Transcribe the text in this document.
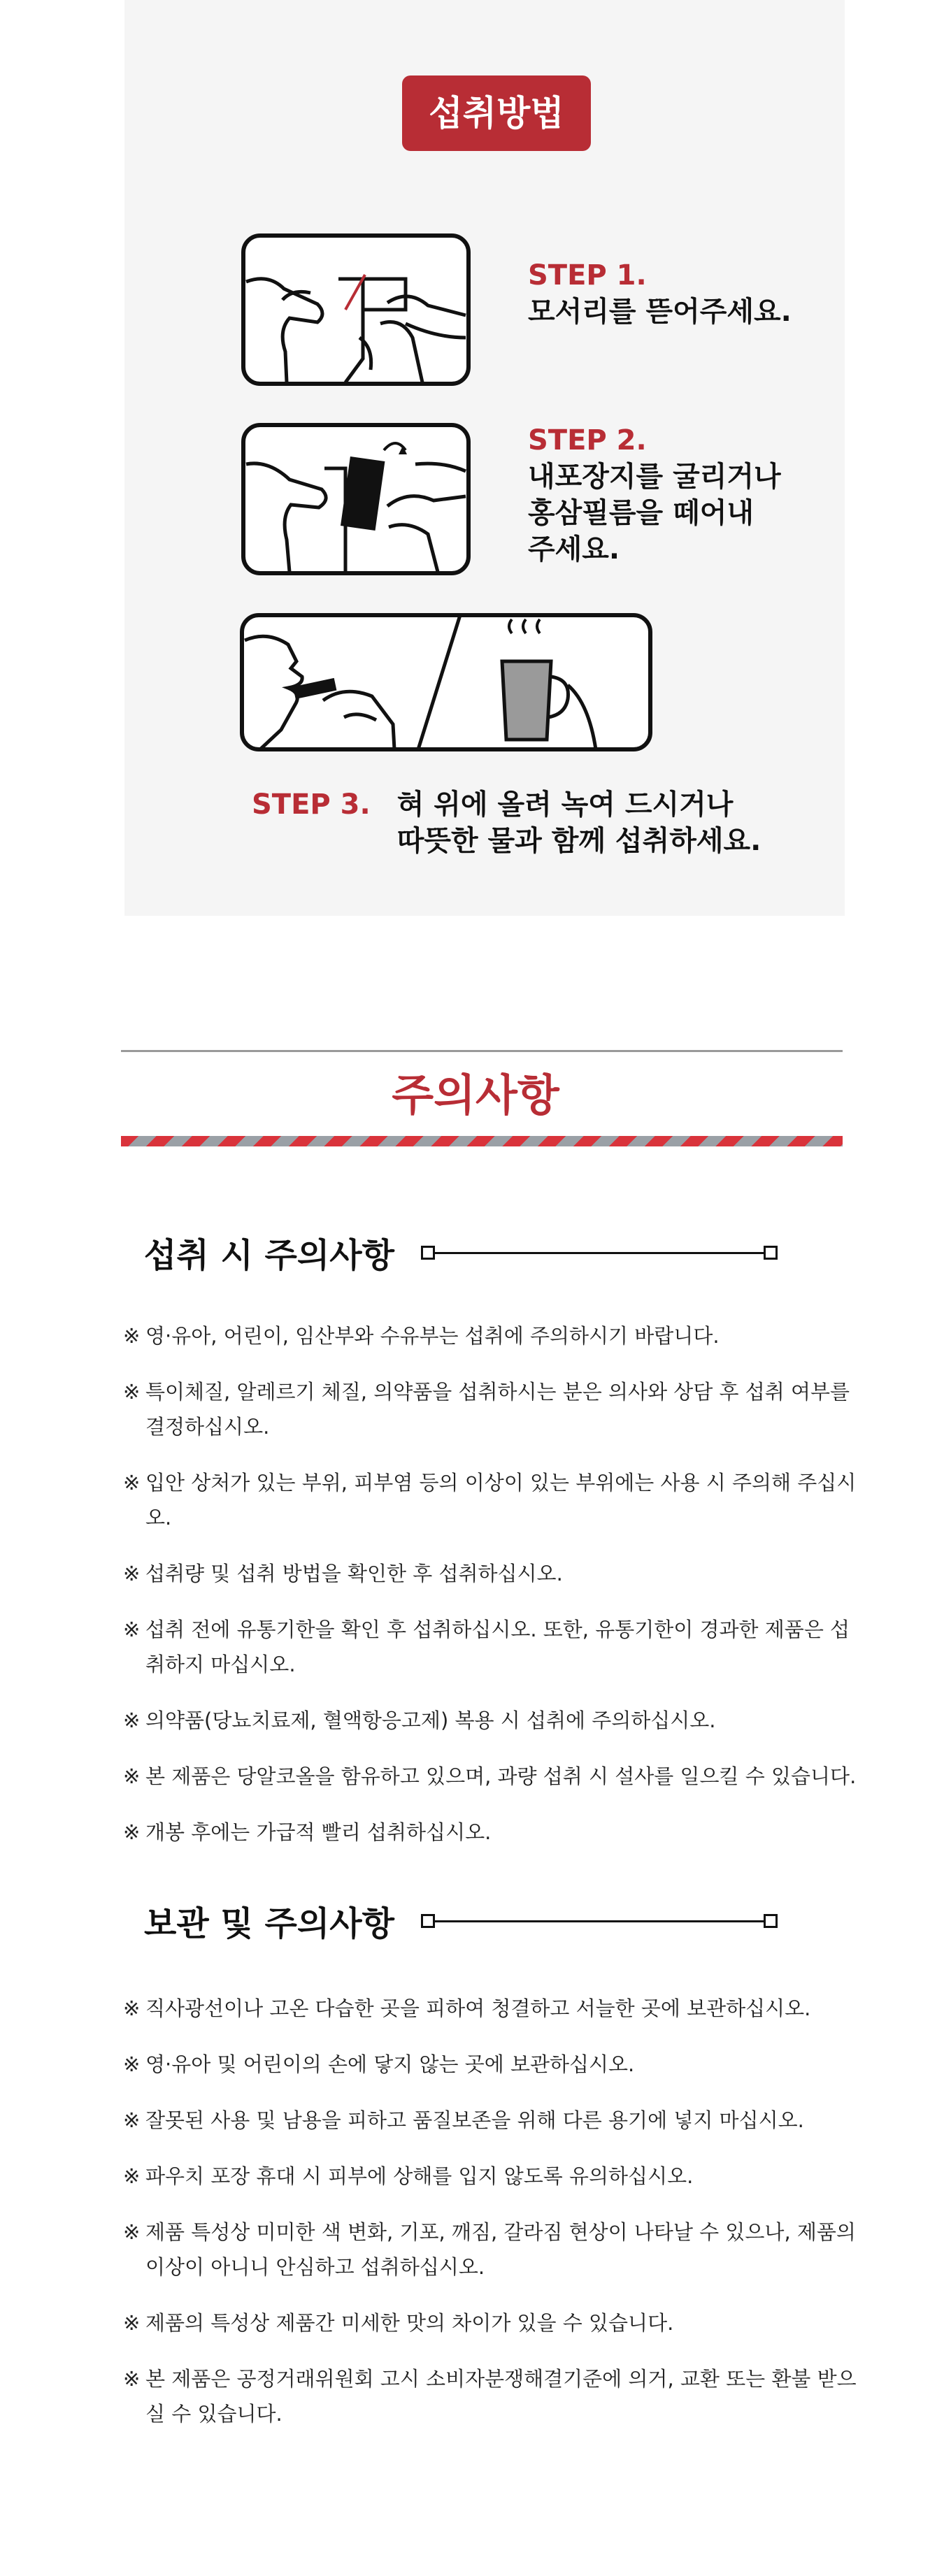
섭취방법
STEP 1.
모서리를 뜯어주세요.
STEP 2.
내포장지를 굴리거나
홍삼필름을 떼어내
주세요.
STEP 3. 혀 위에 올려 녹여 드시거나
따뜻한 물과 함께 섭취하세요.
주의사항
섭취 시 주의사항
※ 영·유아, 어린이, 임산부와 수유부는 섭취에 주의하시기 바랍니다.
※ 특이체질, 알레르기 체질, 의약품을 섭취하시는 분은 의사와 상담 후 섭취 여부를 결정하십시오.
※ 입안 상처가 있는 부위, 피부염 등의 이상이 있는 부위에는 사용 시 주의해 주십시오.
※ 섭취량 및 섭취 방법을 확인한 후 섭취하십시오.
※ 섭취 전에 유통기한을 확인 후 섭취하십시오. 또한, 유통기한이 경과한 제품은 섭취하지 마십시오.
※ 의약품(당뇨치료제, 혈액항응고제) 복용 시 섭취에 주의하십시오.
※ 본 제품은 당알코올을 함유하고 있으며, 과량 섭취 시 설사를 일으킬 수 있습니다.
※ 개봉 후에는 가급적 빨리 섭취하십시오.
보관 및 주의사항
※ 직사광선이나 고온 다습한 곳을 피하여 청결하고 서늘한 곳에 보관하십시오.
※ 영·유아 및 어린이의 손에 닿지 않는 곳에 보관하십시오.
※ 잘못된 사용 및 남용을 피하고 품질보존을 위해 다른 용기에 넣지 마십시오.
※ 파우치 포장 휴대 시 피부에 상해를 입지 않도록 유의하십시오.
※ 제품 특성상 미미한 색 변화, 기포, 깨짐, 갈라짐 현상이 나타날 수 있으나, 제품의 이상이 아니니 안심하고 섭취하십시오.
※ 제품의 특성상 제품간 미세한 맛의 차이가 있을 수 있습니다.
※ 본 제품은 공정거래위원회 고시 소비자분쟁해결기준에 의거, 교환 또는 환불 받으실 수 있습니다.
